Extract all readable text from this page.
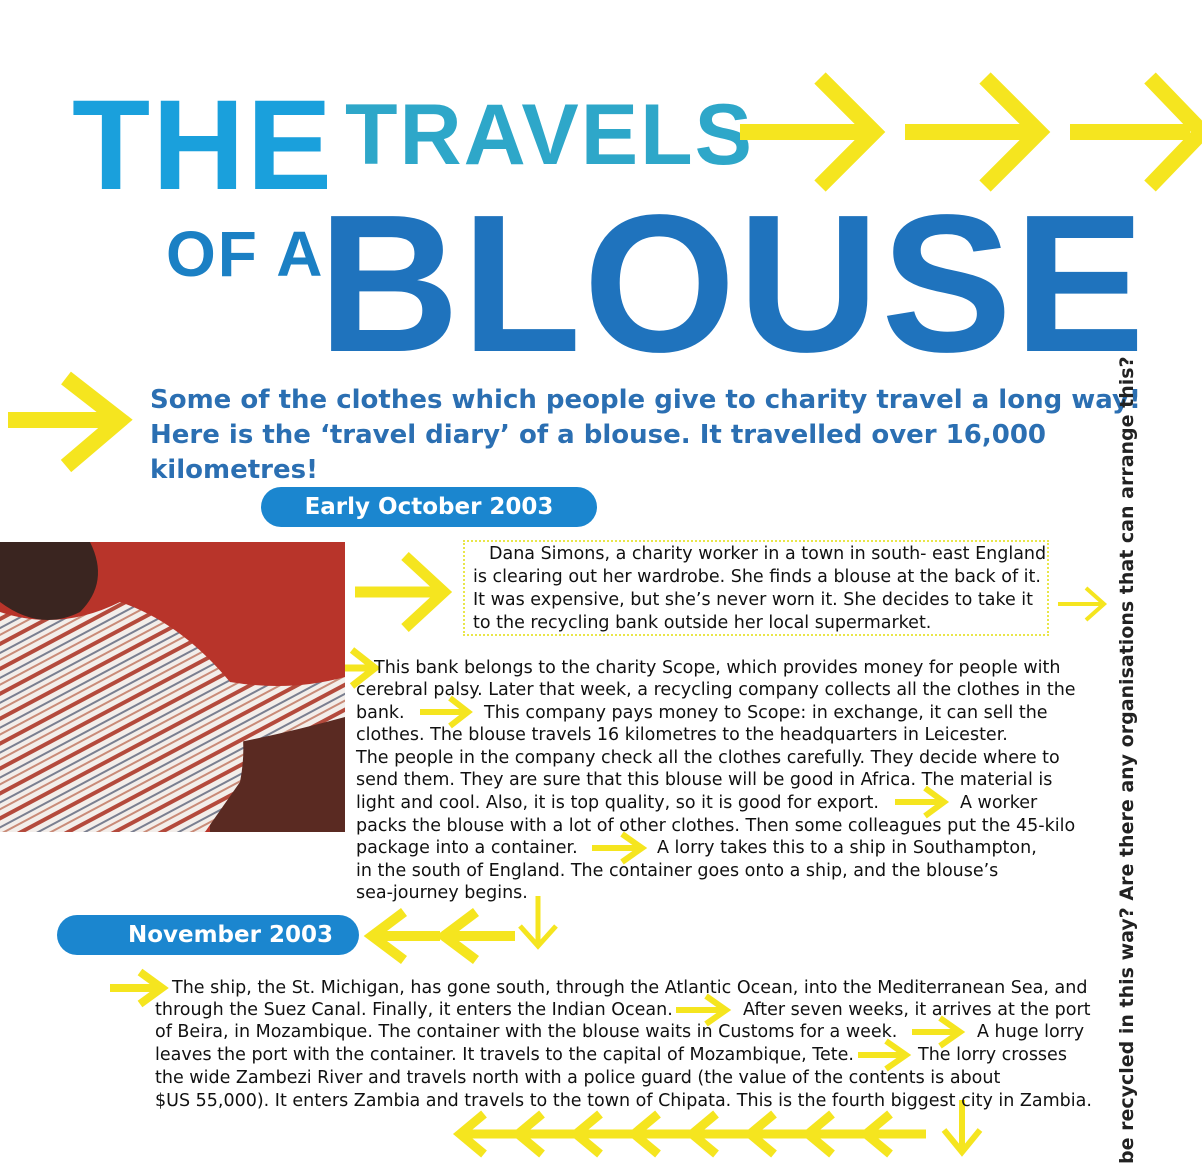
THE TRAVELS
OF A
BLOUSE
Some of the clothes which people give to charity travel a long way!
Here is the ‘travel diary’ of a blouse. It travelled over 16,000 kilometres!
Early October 2003
November 2003
Dana Simons, a charity worker in a town in south- east England
is clearing out her wardrobe. She finds a blouse at the back of it.
It was expensive, but she’s never worn it. She decides to take it
to the recycling bank outside her local supermarket.
This bank belongs to the charity Scope, which provides money for people with
cerebral palsy. Later that week, a recycling company collects all the clothes in the
bank.	This company pays money to Scope: in exchange, it can sell the
clothes. The blouse travels 16 kilometres to the headquarters in Leicester.
The people in the company check all the clothes carefully. They decide where to
send them. They are sure that this blouse will be good in Africa. The material is
light and cool. Also, it is top quality, so it is good for export.	A worker
packs the blouse with a lot of other clothes. Then some colleagues put the 45-kilo
package into a container.	A lorry takes this to a ship in Southampton,
in the south of England. The container goes onto a ship, and the blouse’s
sea-journey begins.
The ship, the St. Michigan, has gone south, through the Atlantic Ocean, into the Mediterranean Sea, and
through the Suez Canal. Finally, it enters the Indian Ocean.	After seven weeks, it arrives at the port
of Beira, in Mozambique. The container with the blouse waits in Customs for a week.	A huge lorry
leaves the port with the container. It travels to the capital of Mozambique, Tete.	The lorry crosses
the wide Zambezi River and travels north with a police guard (the value of the contents is about
$US 55,000). It enters Zambia and travels to the town of Chipata. This is the fourth biggest city in Zambia. be recycled in this way? Are there any organisations that can arrange this?
